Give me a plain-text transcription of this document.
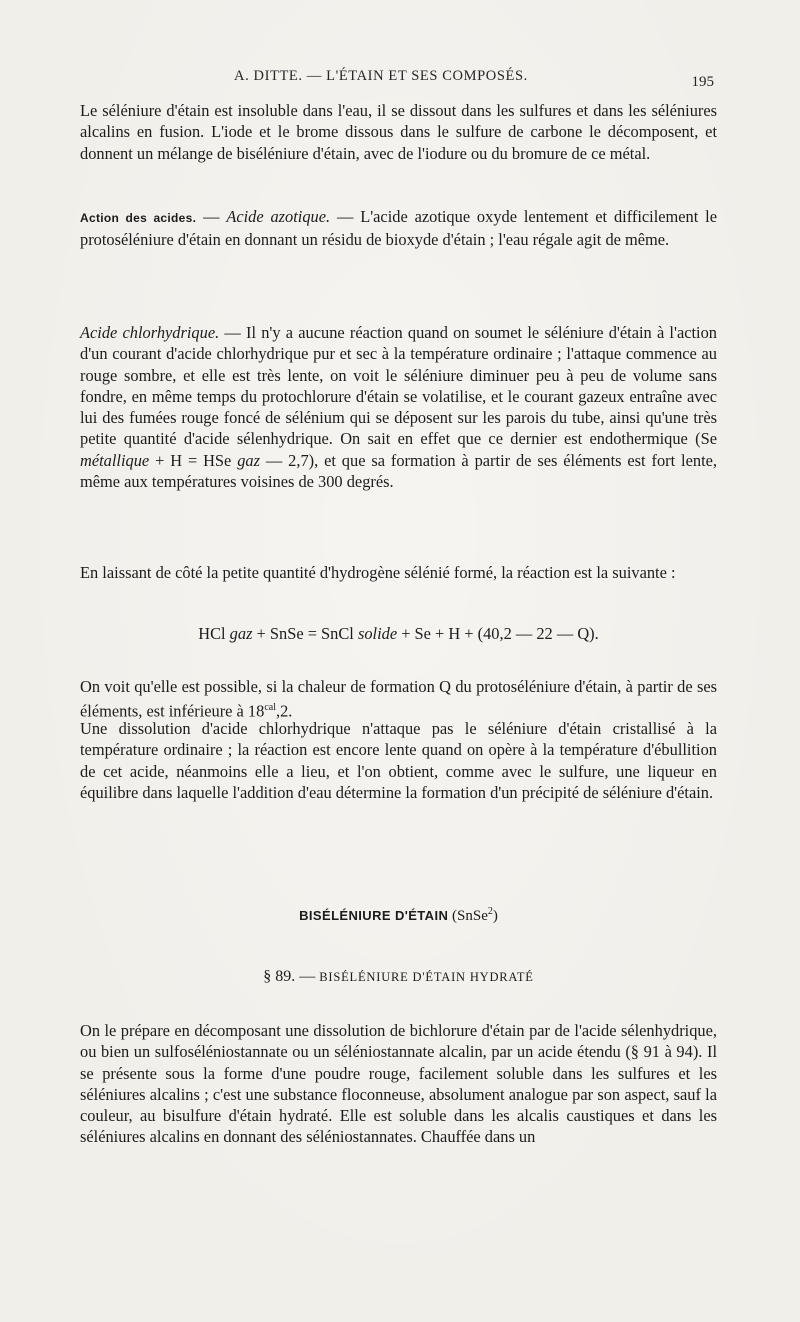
A. DITTE. — L'ÉTAIN ET SES COMPOSÉS.	195

Le séléniure d'étain est insoluble dans l'eau, il se dissout dans les sulfures et dans les séléniures alcalins en fusion. L'iode et le brome dissous dans le sulfure de carbone le décomposent, et donnent un mélange de biséléniure d'étain, avec de l'iodure ou du bromure de ce métal.

Action des acides. — Acide azotique. — L'acide azotique oxyde lentement et difficilement le protoséléniure d'étain en donnant un résidu de bioxyde d'étain ; l'eau régale agit de même.

Acide chlorhydrique. — Il n'y a aucune réaction quand on soumet le séléniure d'étain à l'action d'un courant d'acide chlorhydrique pur et sec à la température ordinaire ; l'attaque commence au rouge sombre, et elle est très lente, on voit le séléniure diminuer peu à peu de volume sans fondre, en même temps du protochlorure d'étain se volatilise, et le courant gazeux entraîne avec lui des fumées rouge foncé de sélénium qui se déposent sur les parois du tube, ainsi qu'une très petite quantité d'acide sélenhydrique. On sait en effet que ce dernier est endothermique (Se métallique + H = HSe gaz — 2,7), et que sa formation à partir de ses éléments est fort lente, même aux températures voisines de 300 degrés.

En laissant de côté la petite quantité d'hydrogène sélénié formé, la réaction est la suivante :

HCl gaz + SnSe = SnCl solide + Se + H + (40,2 — 22 — Q).

On voit qu'elle est possible, si la chaleur de formation Q du protoséléniure d'étain, à partir de ses éléments, est inférieure à $18^{cal},2$.

Une dissolution d'acide chlorhydrique n'attaque pas le séléniure d'étain cristallisé à la température ordinaire ; la réaction est encore lente quand on opère à la température d'ébullition de cet acide, néanmoins elle a lieu, et l'on obtient, comme avec le sulfure, une liqueur en équilibre dans laquelle l'addition d'eau détermine la formation d'un précipité de séléniure d'étain.

BISÉLÉNIURE D'ÉTAIN (SnSe$^2$)
§ 89. — BISÉLÉNIURE D'ÉTAIN HYDRATÉ

On le prépare en décomposant une dissolution de bichlorure d'étain par de l'acide sélenhydrique, ou bien un sulfoséléniostannate ou un séléniostannate alcalin, par un acide étendu (§ 91 à 94). Il se présente sous la forme d'une poudre rouge, facilement soluble dans les sulfures et les séléniures alcalins ; c'est une substance floconneuse, absolument analogue par son aspect, sauf la couleur, au bisulfure d'étain hydraté. Elle est soluble dans les alcalis caustiques et dans les séléniures alcalins en donnant des séléniostannates. Chauffée dans un
